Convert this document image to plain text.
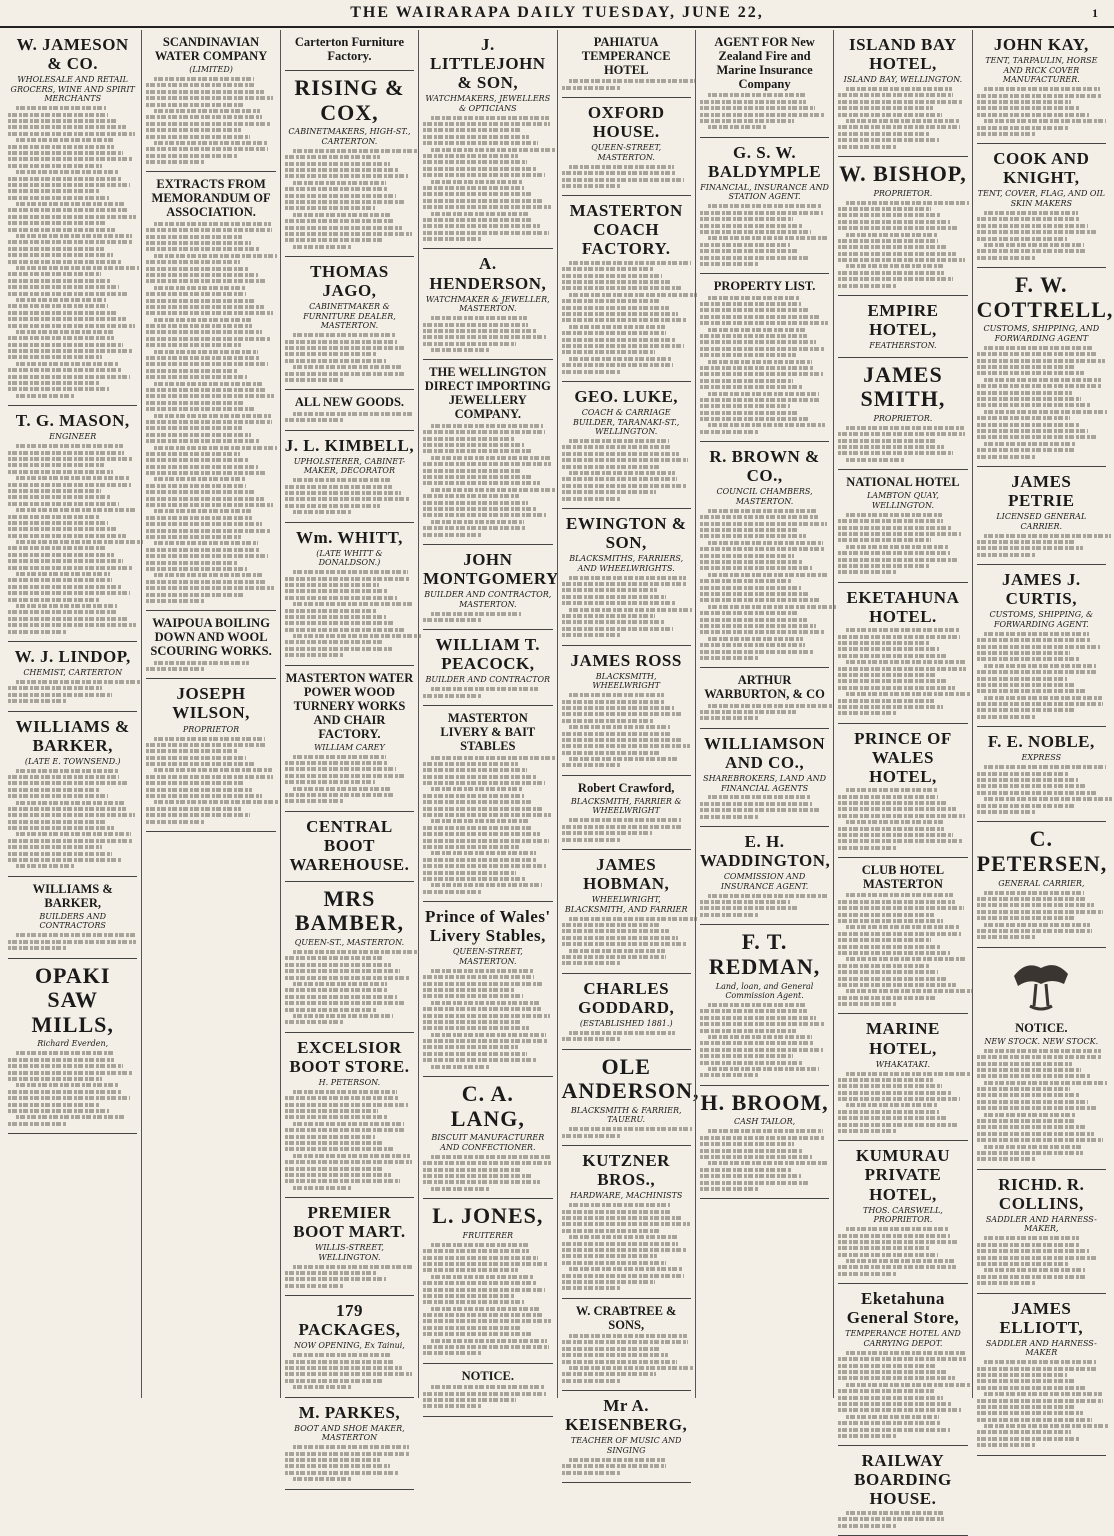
THE WAIRARAPA DAILY TUESDAY, JUNE 22,	1
W. JAMESON & CO.
WHOLESALE AND RETAIL GROCERS, WINE AND SPIRIT MERCHANTS
T. G. MASON,
ENGINEER
W. J. LINDOP,
CHEMIST, CARTERTON
WILLIAMS & BARKER,
(LATE E. TOWNSEND.)
WILLIAMS & BARKER,
BUILDERS AND CONTRACTORS
OPAKI SAW MILLS,
Richard Everden,
SCANDINAVIAN WATER COMPANY
(LIMITED)
EXTRACTS FROM MEMORANDUM OF ASSOCIATION.
WAIPOUA BOILING DOWN AND WOOL SCOURING WORKS.
JOSEPH WILSON,
PROPRIETOR
Carterton Furniture Factory.
RISING & COX,
CABINETMAKERS, HIGH-ST., CARTERTON.
THOMAS JAGO,
CABINETMAKER & FURNITURE DEALER, MASTERTON.
ALL NEW GOODS.
J. L. KIMBELL,
UPHOLSTERER, CABINET-MAKER, DECORATOR
Wm. WHITT,
(LATE WHITT & DONALDSON.)
MASTERTON WATER POWER WOOD TURNERY WORKS AND CHAIR FACTORY.
WILLIAM CAREY
CENTRAL BOOT WAREHOUSE.
MRS BAMBER,
QUEEN-ST., MASTERTON.
EXCELSIOR BOOT STORE.
H. PETERSON.
PREMIER BOOT MART.
WILLIS-STREET, WELLINGTON.
179 PACKAGES,
NOW OPENING, Ex Tainui,
M. PARKES,
BOOT AND SHOE MAKER, MASTERTON
J. LITTLEJOHN & SON,
WATCHMAKERS, JEWELLERS & OPTICIANS
A. HENDERSON,
WATCHMAKER & JEWELLER, MASTERTON.
THE WELLINGTON DIRECT IMPORTING JEWELLERY COMPANY.
JOHN MONTGOMERY
BUILDER AND CONTRACTOR, MASTERTON.
WILLIAM T. PEACOCK,
BUILDER AND CONTRACTOR
MASTERTON LIVERY & BAIT STABLES
Prince of Wales' Livery Stables,
QUEEN-STREET, MASTERTON.
C. A. LANG,
BISCUIT MANUFACTURER AND CONFECTIONER.
L. JONES,
FRUITERER
NOTICE.
PAHIATUA TEMPERANCE HOTEL
OXFORD HOUSE.
QUEEN-STREET, MASTERTON.
MASTERTON COACH FACTORY.
GEO. LUKE,
COACH & CARRIAGE BUILDER, TARANAKI-ST., WELLINGTON.
EWINGTON & SON,
BLACKSMITHS, FARRIERS, AND WHEELWRIGHTS.
JAMES ROSS
BLACKSMITH, WHEELWRIGHT
Robert Crawford,
BLACKSMITH, FARRIER & WHEELWRIGHT
JAMES HOBMAN,
WHEELWRIGHT, BLACKSMITH, AND FARRIER
CHARLES GODDARD,
(ESTABLISHED 1881.)
OLE ANDERSON,
BLACKSMITH & FARRIER, TAUERU.
KUTZNER BROS.,
HARDWARE, MACHINISTS
W. CRABTREE & SONS,
Mr A. KEISENBERG,
TEACHER OF MUSIC AND SINGING
AGENT FOR New Zealand Fire and Marine Insurance Company
G. S. W. BALDYMPLE
FINANCIAL, INSURANCE AND STATION AGENT.
PROPERTY LIST.
R. BROWN & CO.,
COUNCIL CHAMBERS, MASTERTON.
ARTHUR WARBURTON, & CO
WILLIAMSON AND CO.,
SHAREBROKERS, LAND AND FINANCIAL AGENTS
E. H. WADDINGTON,
COMMISSION AND INSURANCE AGENT.
F. T. REDMAN,
Land, loan, and General Commission Agent.
H. BROOM,
CASH TAILOR,
ISLAND BAY HOTEL,
ISLAND BAY, WELLINGTON.
W. BISHOP,
PROPRIETOR.
EMPIRE HOTEL,
FEATHERSTON.
JAMES SMITH,
PROPRIETOR.
NATIONAL HOTEL
LAMBTON QUAY, WELLINGTON.
EKETAHUNA HOTEL.
PRINCE OF WALES HOTEL,
CLUB HOTEL MASTERTON
MARINE HOTEL,
WHAKATAKI.
KUMURAU PRIVATE HOTEL,
THOS. CARSWELL, PROPRIETOR.
Eketahuna General Store,
TEMPERANCE HOTEL AND CARRYING DEPOT.
RAILWAY BOARDING HOUSE.
JOHN KAY,
TENT, TARPAULIN, HORSE AND RICK COVER MANUFACTURER.
COOK AND KNIGHT,
TENT, COVER, FLAG, AND OIL SKIN MAKERS
F. W. COTTRELL,
CUSTOMS, SHIPPING, AND FORWARDING AGENT
JAMES PETRIE
LICENSED GENERAL CARRIER.
JAMES J. CURTIS,
CUSTOMS, SHIPPING, & FORWARDING AGENT.
F. E. NOBLE,
EXPRESS
C. PETERSEN,
GENERAL CARRIER,
NOTICE.
NEW STOCK. NEW STOCK.
RICHD. R. COLLINS,
SADDLER AND HARNESS-MAKER,
JAMES ELLIOTT,
SADDLER AND HARNESS-MAKER
